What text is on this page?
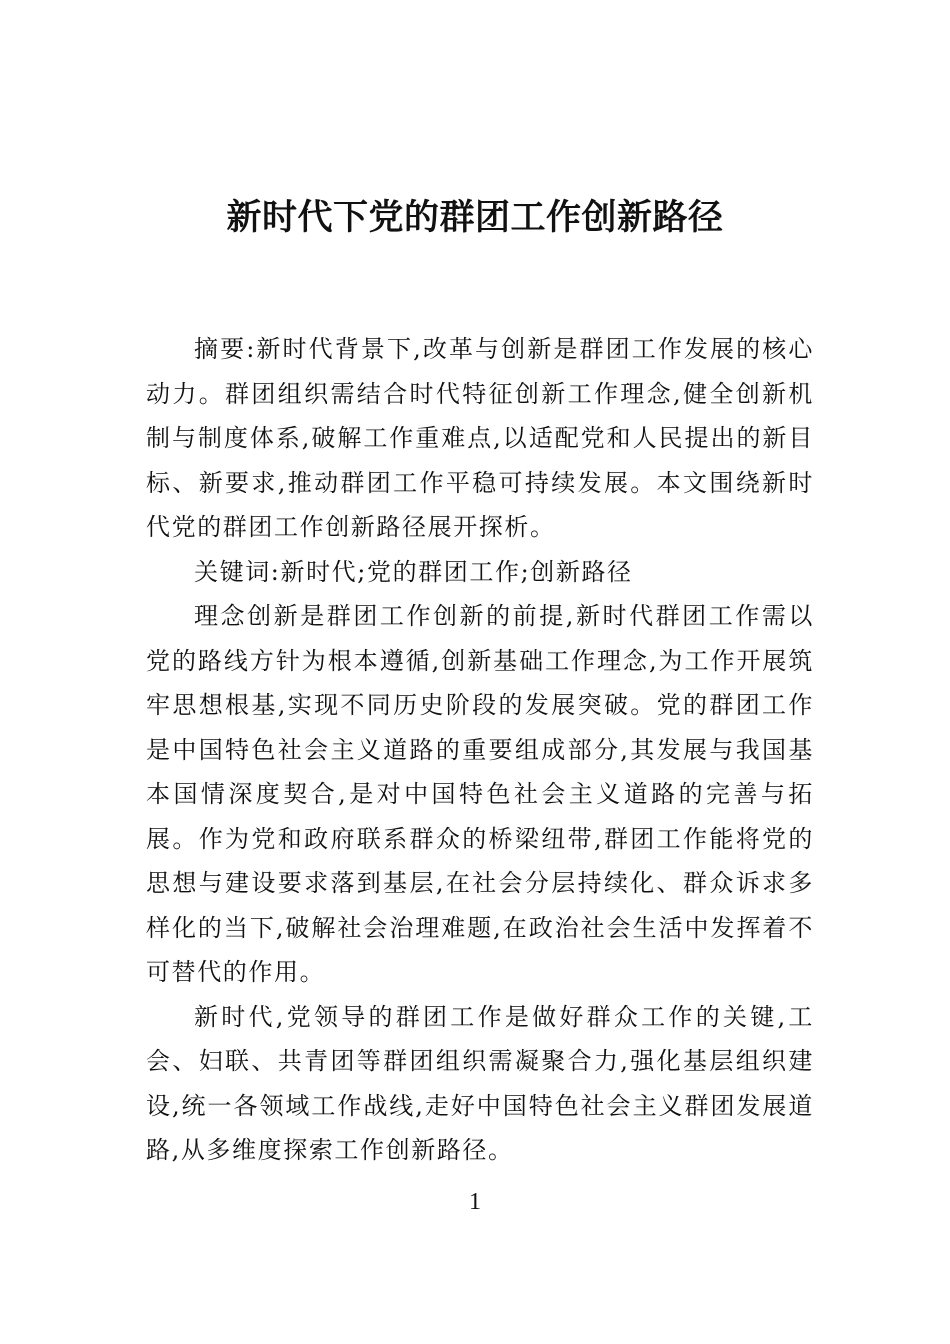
新时代下党的群团工作创新路径

摘要:新时代背景下,改革与创新是群团工作发展的核心动力。群团组织需结合时代特征创新工作理念,健全创新机制与制度体系,破解工作重难点,以适配党和人民提出的新目标、新要求,推动群团工作平稳可持续发展。本文围绕新时代党的群团工作创新路径展开探析。

关键词:新时代;党的群团工作;创新路径

理念创新是群团工作创新的前提,新时代群团工作需以党的路线方针为根本遵循,创新基础工作理念,为工作开展筑牢思想根基,实现不同历史阶段的发展突破。党的群团工作是中国特色社会主义道路的重要组成部分,其发展与我国基本国情深度契合,是对中国特色社会主义道路的完善与拓展。作为党和政府联系群众的桥梁纽带,群团工作能将党的思想与建设要求落到基层,在社会分层持续化、群众诉求多样化的当下,破解社会治理难题,在政治社会生活中发挥着不可替代的作用。

新时代,党领导的群团工作是做好群众工作的关键,工会、妇联、共青团等群团组织需凝聚合力,强化基层组织建设,统一各领域工作战线,走好中国特色社会主义群团发展道路,从多维度探索工作创新路径。

1
